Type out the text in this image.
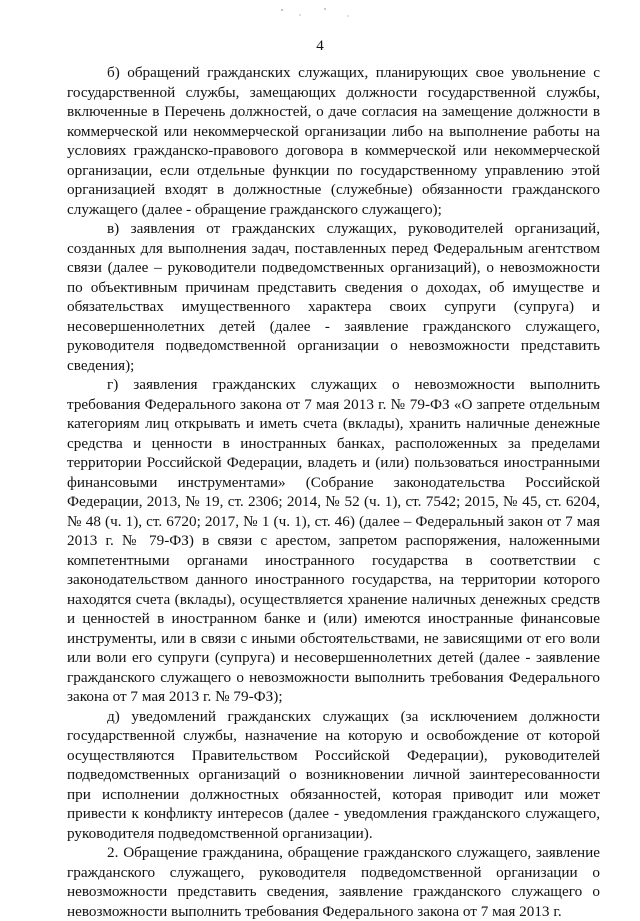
4

б) обращений гражданских служащих, планирующих свое увольнение с государственной службы, замещающих должности государственной службы, включенные в Перечень должностей, о даче согласия на замещение должности в коммерческой или некоммерческой организации либо на выполнение работы на условиях гражданско-правового договора в коммерческой или некоммерческой организации, если отдельные функции по государственному управлению этой организацией входят в должностные (служебные) обязанности гражданского служащего (далее - обращение гражданского служащего);

в) заявления от гражданских служащих, руководителей организаций, созданных для выполнения задач, поставленных перед Федеральным агентством связи (далее – руководители подведомственных организаций), о невозможности по объективным причинам представить сведения о доходах, об имуществе и обязательствах имущественного характера своих супруги (супруга) и несовершеннолетних детей (далее - заявление гражданского служащего, руководителя подведомственной организации о невозможности представить сведения);

г) заявления гражданских служащих о невозможности выполнить требования Федерального закона от 7 мая 2013 г. № 79-ФЗ «О запрете отдельным категориям лиц открывать и иметь счета (вклады), хранить наличные денежные средства и ценности в иностранных банках, расположенных за пределами территории Российской Федерации, владеть и (или) пользоваться иностранными финансовыми инструментами» (Собрание законодательства Российской Федерации, 2013, № 19, ст. 2306; 2014, № 52 (ч. 1), ст. 7542; 2015, № 45, ст. 6204, № 48 (ч. 1), ст. 6720; 2017, № 1 (ч. 1), ст. 46) (далее – Федеральный закон от 7 мая 2013 г. № 79-ФЗ) в связи с арестом, запретом распоряжения, наложенными компетентными органами иностранного государства в соответствии с законодательством данного иностранного государства, на территории которого находятся счета (вклады), осуществляется хранение наличных денежных средств и ценностей в иностранном банке и (или) имеются иностранные финансовые инструменты, или в связи с иными обстоятельствами, не зависящими от его воли или воли его супруги (супруга) и несовершеннолетних детей (далее - заявление гражданского служащего о невозможности выполнить требования Федерального закона от 7 мая 2013 г. № 79-ФЗ);

д) уведомлений гражданских служащих (за исключением должности государственной службы, назначение на которую и освобождение от которой осуществляются Правительством Российской Федерации), руководителей подведомственных организаций о возникновении личной заинтересованности при исполнении должностных обязанностей, которая приводит или может привести к конфликту интересов (далее - уведомления гражданского служащего, руководителя подведомственной организации).

2. Обращение гражданина, обращение гражданского служащего, заявление гражданского служащего, руководителя подведомственной организации о невозможности представить сведения, заявление гражданского служащего о невозможности выполнить требования Федерального закона от 7 мая 2013 г.
